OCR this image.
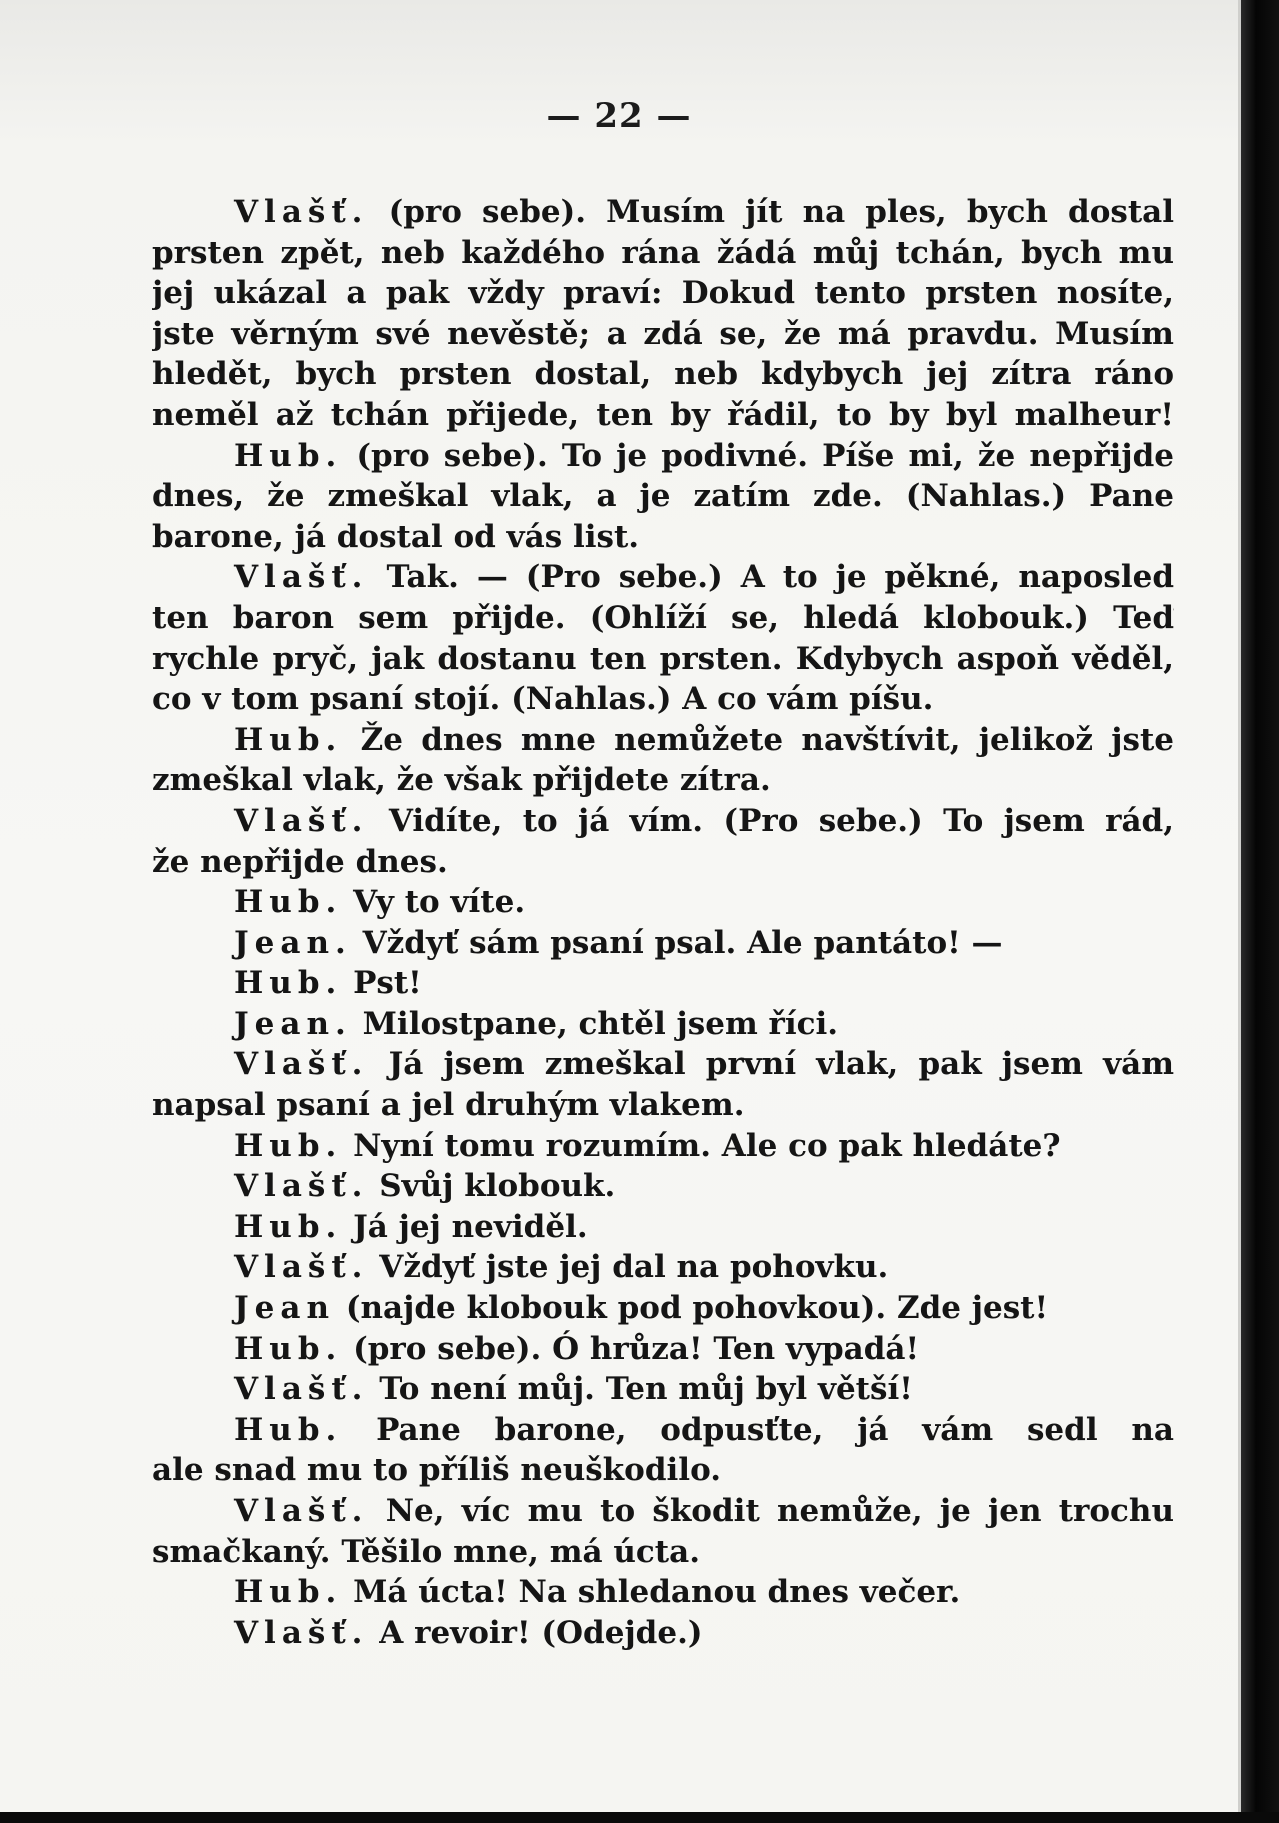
— 22 —
Vlašť. (pro sebe). Musím jít na ples, bych dostal
prsten zpět, neb každého rána žádá můj tchán, bych mu
jej ukázal a pak vždy praví: Dokud tento prsten nosíte,
jste věrným své nevěstě; a zdá se, že má pravdu. Musím
hledět, bych prsten dostal, neb kdybych jej zítra ráno
neměl až tchán přijede, ten by řádil, to by byl malheur!
Hub. (pro sebe). To je podivné. Píše mi, že nepřijde
dnes, že zmeškal vlak, a je zatím zde. (Nahlas.) Pane
barone, já dostal od vás list.
Vlašť. Tak. — (Pro sebe.) A to je pěkné, naposled
ten baron sem přijde. (Ohlíží se, hledá klobouk.) Teď
rychle pryč, jak dostanu ten prsten. Kdybych aspoň věděl,
co v tom psaní stojí. (Nahlas.) A co vám píšu.
Hub. Že dnes mne nemůžete navštívit, jelikož jste
zmeškal vlak, že však přijdete zítra.
Vlašť. Vidíte, to já vím. (Pro sebe.) To jsem rád,
že nepřijde dnes.
Hub. Vy to víte.
Jean. Vždyť sám psaní psal. Ale pantáto! —
Hub. Pst!
Jean. Milostpane, chtěl jsem říci.
Vlašť. Já jsem zmeškal první vlak, pak jsem vám
napsal psaní a jel druhým vlakem.
Hub. Nyní tomu rozumím. Ale co pak hledáte?
Vlašť. Svůj klobouk.
Hub. Já jej neviděl.
Vlašť. Vždyť jste jej dal na pohovku.
Jean (najde klobouk pod pohovkou). Zde jest!
Hub. (pro sebe). Ó hrůza! Ten vypadá!
Vlašť. To není můj. Ten můj byl větší!
Hub. Pane barone, odpusťte, já vám sedl na
ale snad mu to příliš neuškodilo.
Vlašť. Ne, víc mu to škodit nemůže, je jen trochu
smačkaný. Těšilo mne, má úcta.
Hub. Má úcta! Na shledanou dnes večer.
Vlašť. A revoir! (Odejde.)
